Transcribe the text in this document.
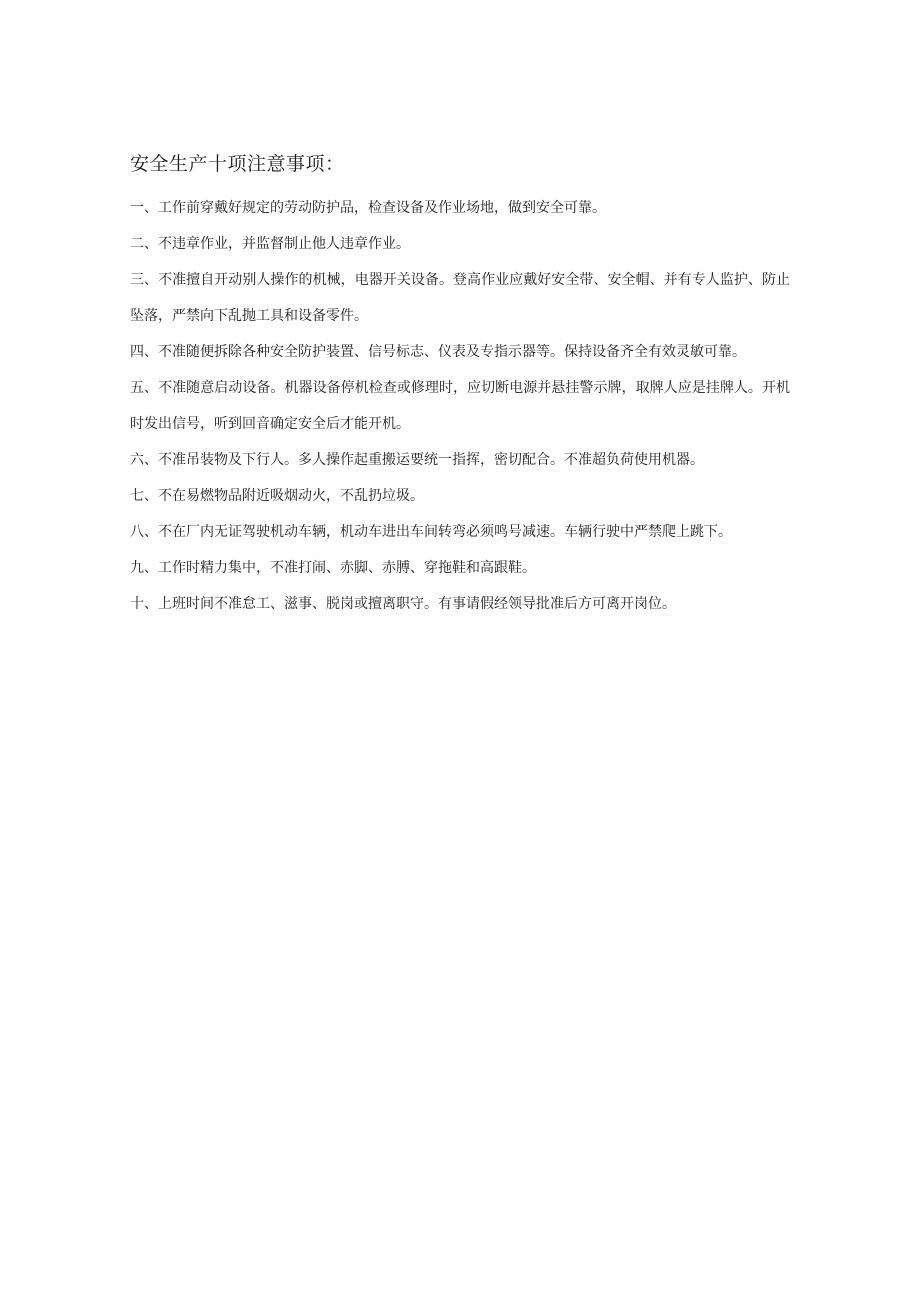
安全生产十项注意事项：
一、工作前穿戴好规定的劳动防护品，检查设备及作业场地，做到安全可靠。
二、不违章作业，并监督制止他人违章作业。
三、不准擅自开动别人操作的机械，电器开关设备。登高作业应戴好安全带、安全帽、并有专人监护、防止坠落，严禁向下乱抛工具和设备零件。
四、不准随便拆除各种安全防护装置、信号标志、仪表及专指示器等。保持设备齐全有效灵敏可靠。
五、不准随意启动设备。机器设备停机检查或修理时，应切断电源并悬挂警示牌，取牌人应是挂牌人。开机时发出信号，听到回音确定安全后才能开机。
六、不准吊装物及下行人。多人操作起重搬运要统一指挥，密切配合。不准超负荷使用机器。
七、不在易燃物品附近吸烟动火，不乱扔垃圾。
八、不在厂内无证驾驶机动车辆，机动车进出车间转弯必须鸣号减速。车辆行驶中严禁爬上跳下。
九、工作时精力集中，不准打闹、赤脚、赤膊、穿拖鞋和高跟鞋。
十、上班时间不准怠工、滋事、脱岗或擅离职守。有事请假经领导批准后方可离开岗位。
